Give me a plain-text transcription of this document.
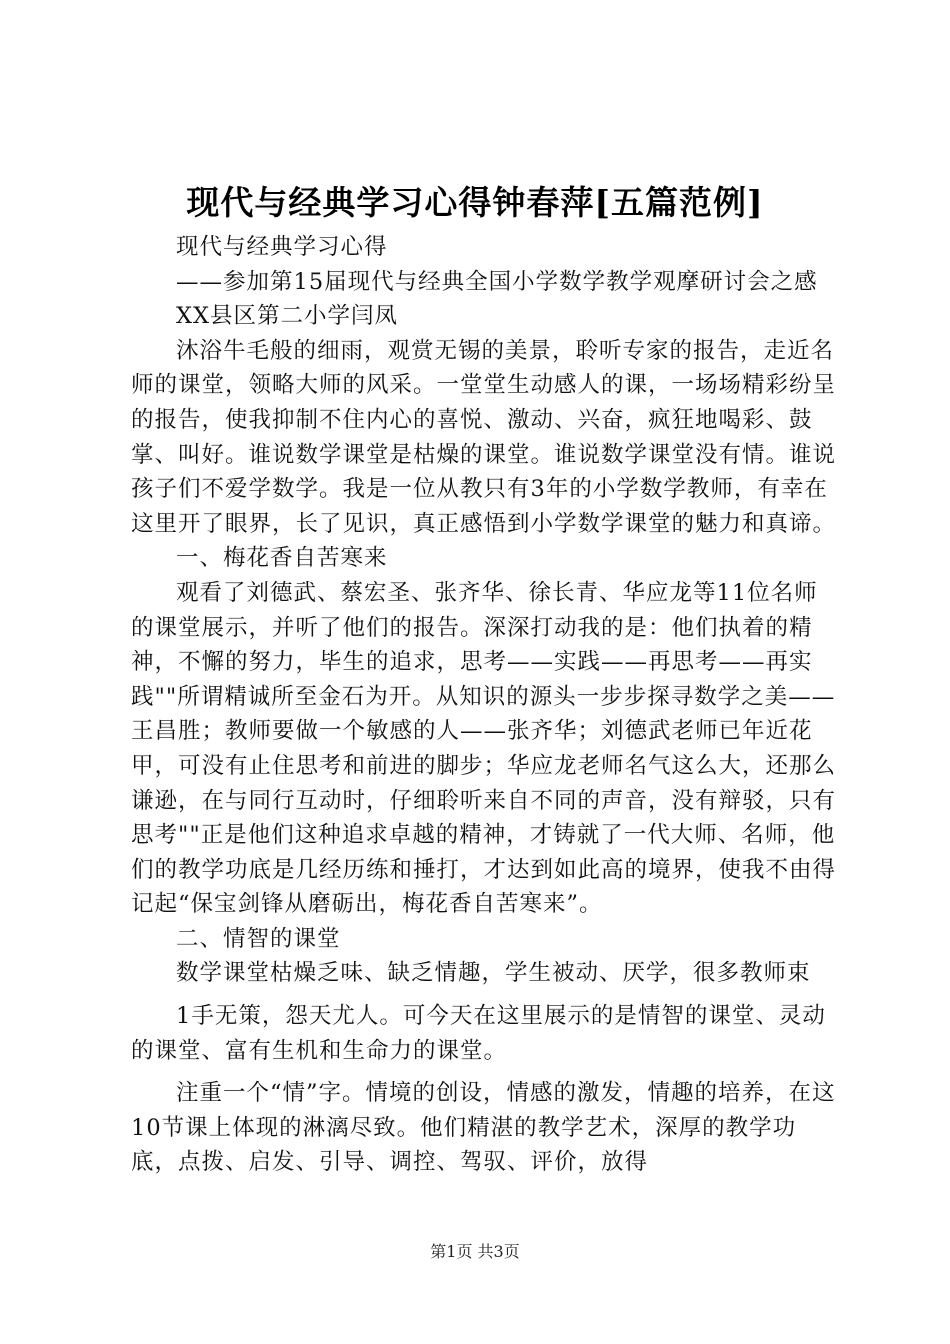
现代与经典学习心得钟春萍[五篇范例]

现代与经典学习心得

——参加第15届现代与经典全国小学数学教学观摩研讨会之感

XX县区第二小学闫凤

沐浴牛毛般的细雨，观赏无锡的美景，聆听专家的报告，走近名师的课堂，领略大师的风采。一堂堂生动感人的课，一场场精彩纷呈的报告，使我抑制不住内心的喜悦、激动、兴奋，疯狂地喝彩、鼓掌、叫好。谁说数学课堂是枯燥的课堂。谁说数学课堂没有情。谁说孩子们不爱学数学。我是一位从教只有3年的小学数学教师，有幸在这里开了眼界，长了见识，真正感悟到小学数学课堂的魅力和真谛。

一、梅花香自苦寒来

观看了刘德武、蔡宏圣、张齐华、徐长青、华应龙等11位名师的课堂展示，并听了他们的报告。深深打动我的是：他们执着的精神，不懈的努力，毕生的追求，思考——实践——再思考——再实践""所谓精诚所至金石为开。从知识的源头一步步探寻数学之美——王昌胜；教师要做一个敏感的人——张齐华；刘德武老师已年近花甲，可没有止住思考和前进的脚步；华应龙老师名气这么大，还那么谦逊，在与同行互动时，仔细聆听来自不同的声音，没有辩驳，只有思考""正是他们这种追求卓越的精神，才铸就了一代大师、名师，他们的教学功底是几经历练和捶打，才达到如此高的境界，使我不由得记起“保宝剑锋从磨砺出，梅花香自苦寒来”。

二、情智的课堂

数学课堂枯燥乏味、缺乏情趣，学生被动、厌学，很多教师束

1手无策，怨天尤人。可今天在这里展示的是情智的课堂、灵动的课堂、富有生机和生命力的课堂。

注重一个“情”字。情境的创设，情感的激发，情趣的培养，在这10节课上体现的淋漓尽致。他们精湛的教学艺术，深厚的教学功底，点拨、启发、引导、调控、驾驭、评价，放得

第1页 共3页
